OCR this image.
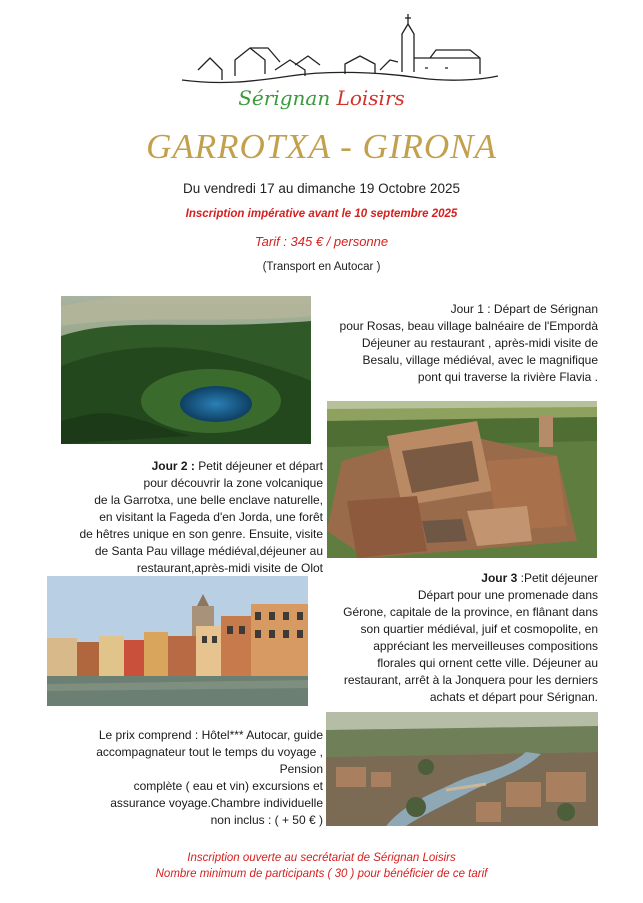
Sérignan Loisirs
GARROTXA - GIRONA
Du vendredi 17 au dimanche 19 Octobre 2025
Inscription impérative avant le 10 septembre 2025
Tarif : 345 € / personne
(Transport en Autocar )
Jour 1 : Départ de Sérignan
pour Rosas, beau village balnéaire de l'Empordà
Déjeuner au restaurant , après-midi visite de
Besalu, village médiéval, avec le magnifique
pont qui traverse la rivière Flavia .
Jour 2 : Petit déjeuner et départ
pour découvrir la zone volcanique
de la Garrotxa, une belle enclave naturelle,
en visitant la Fageda d'en Jorda, une forêt
de hêtres unique en son genre. Ensuite, visite
de Santa Pau village médiéval,déjeuner au
restaurant,après-midi visite de Olot
Jour 3 :Petit déjeuner
Départ pour une promenade dans
Gérone, capitale de la province, en flânant dans
son quartier médiéval, juif et cosmopolite, en
appréciant les merveilleuses compositions
florales qui ornent cette ville. Déjeuner au
restaurant, arrêt à la Jonquera pour les derniers
achats et départ pour Sérignan.
Le prix comprend : Hôtel*** Autocar, guide
accompagnateur tout le temps du voyage , Pension
complète ( eau et vin) excursions et
assurance voyage.Chambre individuelle
non inclus : ( + 50 € )
Inscription ouverte au secrétariat de Sérignan Loisirs
Nombre minimum de participants ( 30 ) pour bénéficier de ce tarif
